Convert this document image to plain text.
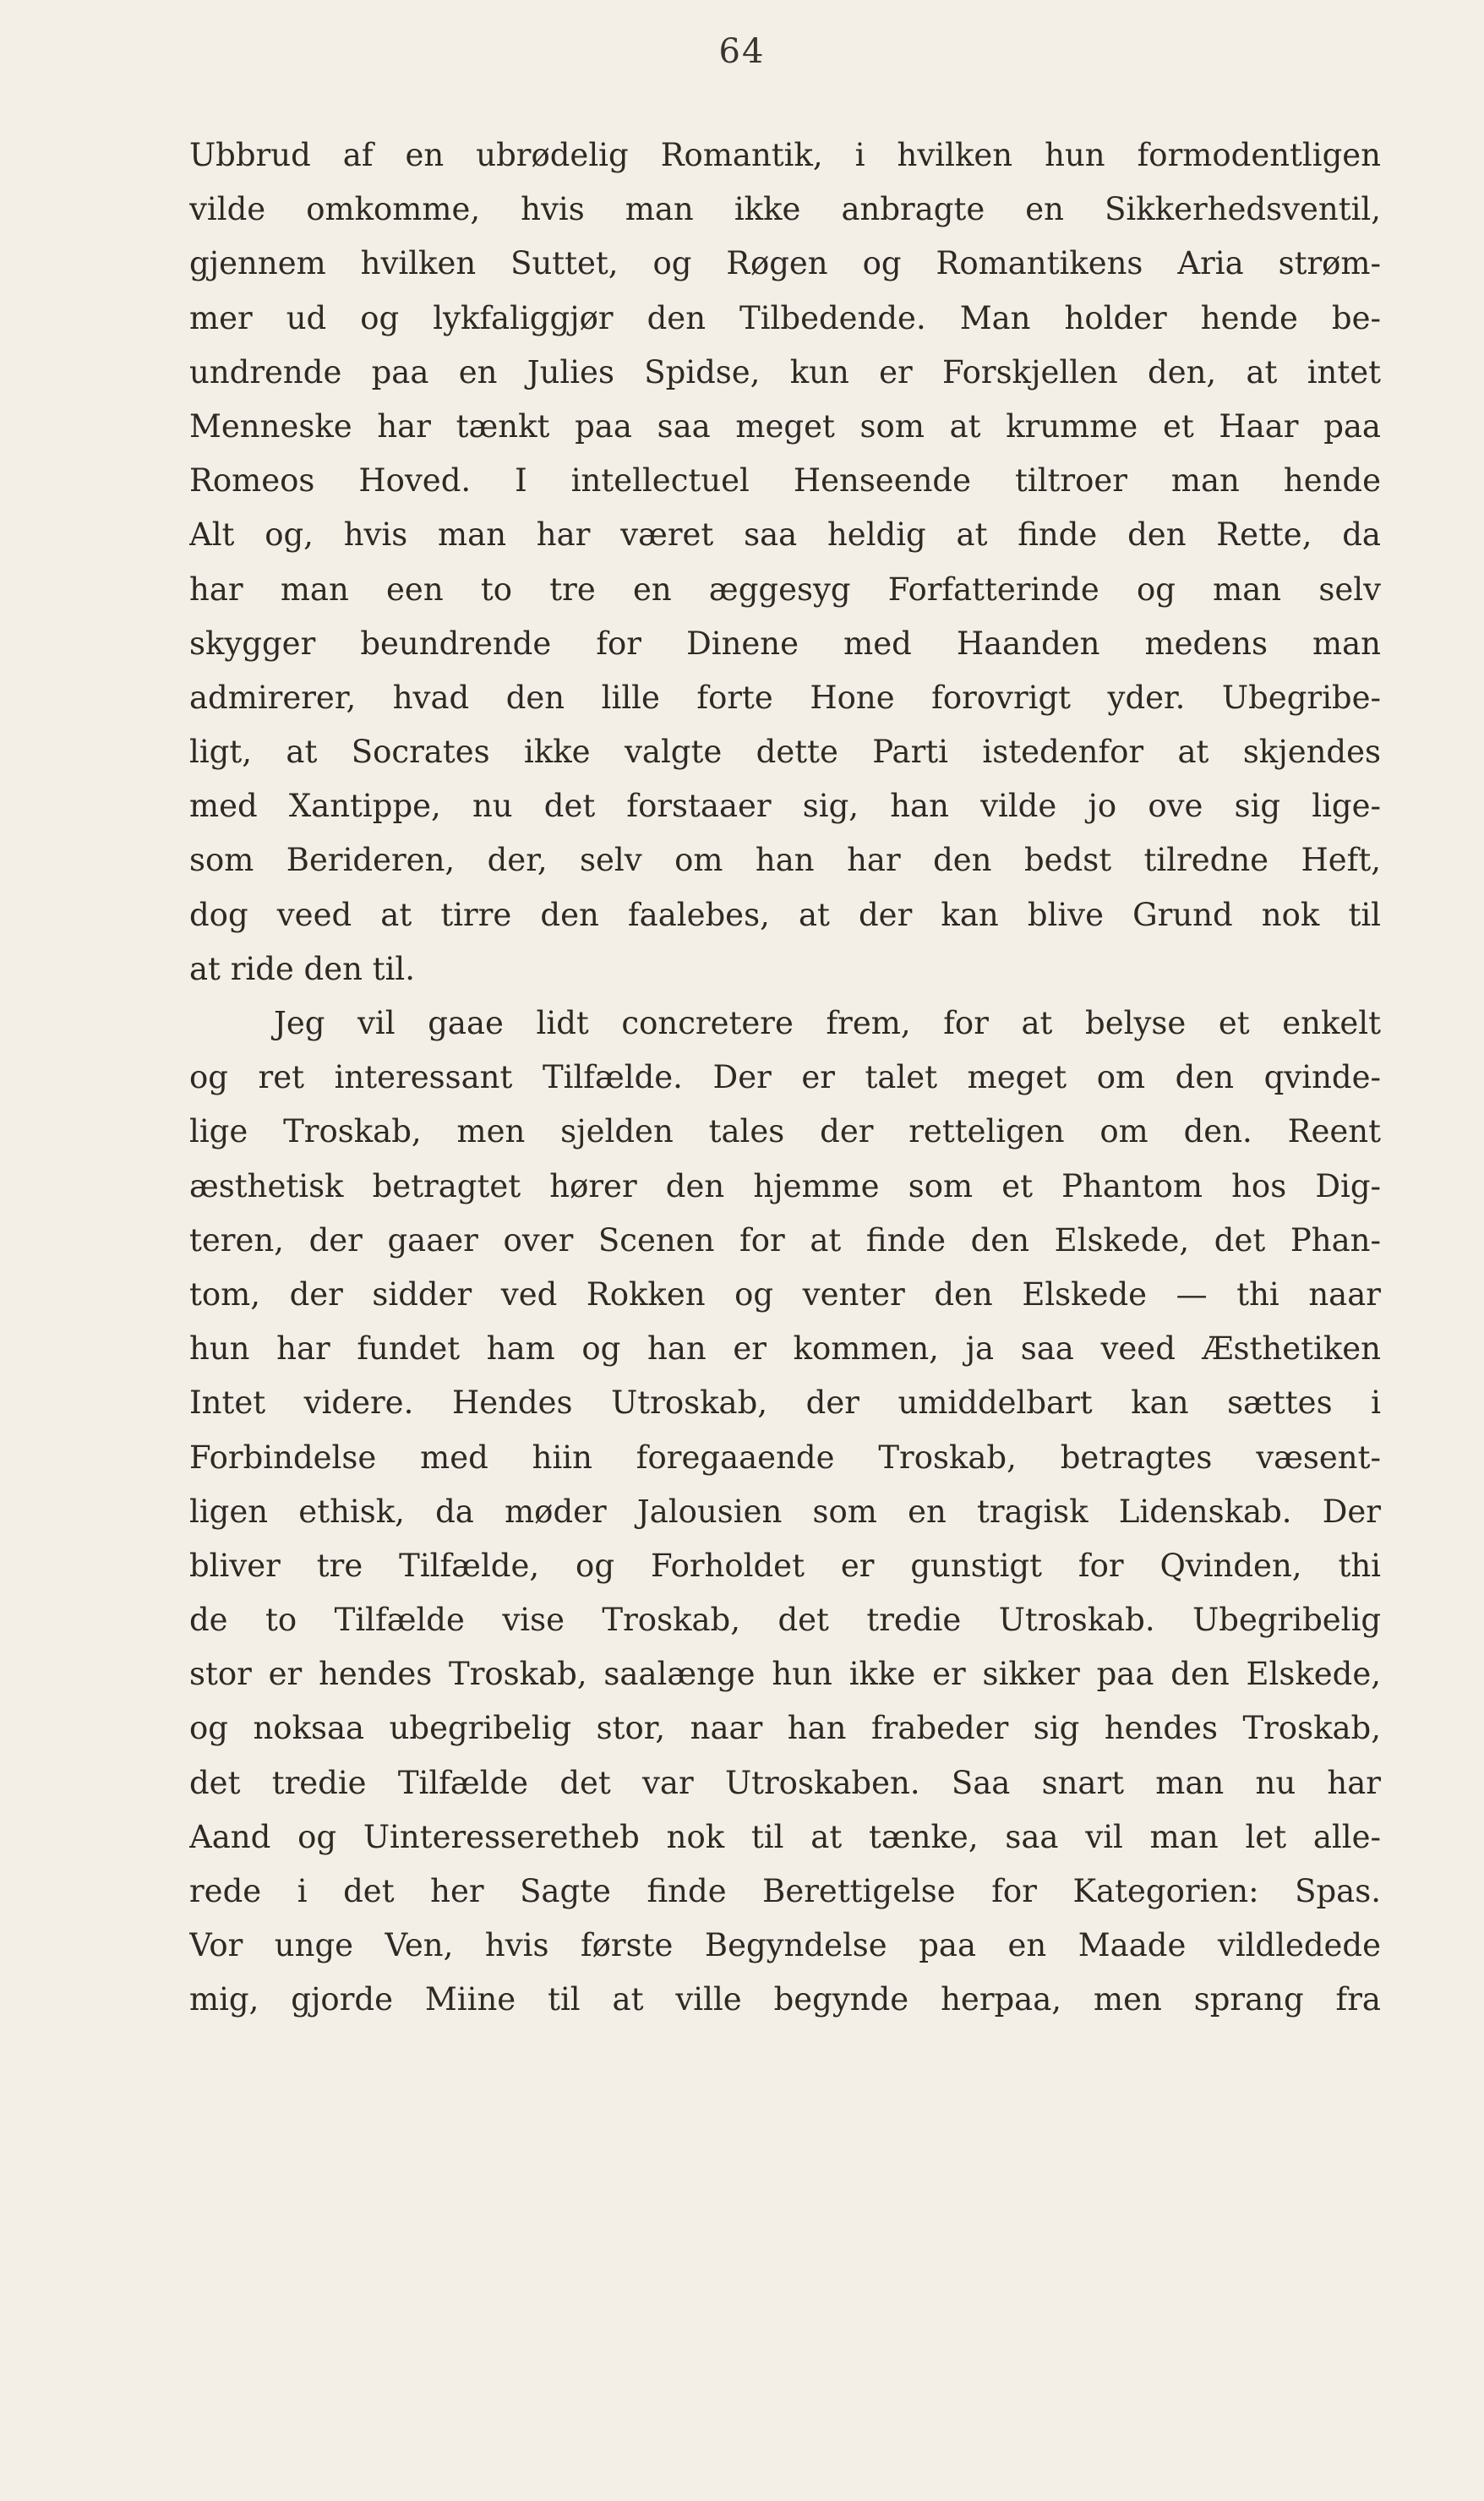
64
Ubbrud af en ubrødelig Romantik, i hvilken hun formodentligen
vilde omkomme, hvis man ikke anbragte en Sikkerhedsventil,
gjennem hvilken Suttet, og Røgen og Romantikens Aria strøm-
mer ud og lykfaliggjør den Tilbedende. Man holder hende be-
undrende paa en Julies Spidse, kun er Forskjellen den, at intet
Menneske har tænkt paa saa meget som at krumme et Haar paa
Romeos Hoved. I intellectuel Henseende tiltroer man hende
Alt og, hvis man har været saa heldig at finde den Rette, da
har man een to tre en æggesyg Forfatterinde og man selv
skygger beundrende for Dinene med Haanden medens man
admirerer, hvad den lille forte Hone forovrigt yder. Ubegribe-
ligt, at Socrates ikke valgte dette Parti istedenfor at skjendes
med Xantippe, nu det forstaaer sig, han vilde jo ove sig lige-
som Berideren, der, selv om han har den bedst tilredne Heft,
dog veed at tirre den faalebes, at der kan blive Grund nok til
at ride den til.
Jeg vil gaae lidt concretere frem, for at belyse et enkelt
og ret interessant Tilfælde. Der er talet meget om den qvinde-
lige Troskab, men sjelden tales der retteligen om den. Reent
æsthetisk betragtet hører den hjemme som et Phantom hos Dig-
teren, der gaaer over Scenen for at finde den Elskede, det Phan-
tom, der sidder ved Rokken og venter den Elskede — thi naar
hun har fundet ham og han er kommen, ja saa veed Æsthetiken
Intet videre. Hendes Utroskab, der umiddelbart kan sættes i
Forbindelse med hiin foregaaende Troskab, betragtes væsent-
ligen ethisk, da møder Jalousien som en tragisk Lidenskab. Der
bliver tre Tilfælde, og Forholdet er gunstigt for Qvinden, thi
de to Tilfælde vise Troskab, det tredie Utroskab. Ubegribelig
stor er hendes Troskab, saalænge hun ikke er sikker paa den Elskede,
og noksaa ubegribelig stor, naar han frabeder sig hendes Troskab,
det tredie Tilfælde det var Utroskaben. Saa snart man nu har
Aand og Uinteresseretheb nok til at tænke, saa vil man let alle-
rede i det her Sagte finde Berettigelse for Kategorien: Spas.
Vor unge Ven, hvis første Begyndelse paa en Maade vildledede
mig, gjorde Miine til at ville begynde herpaa, men sprang fra
